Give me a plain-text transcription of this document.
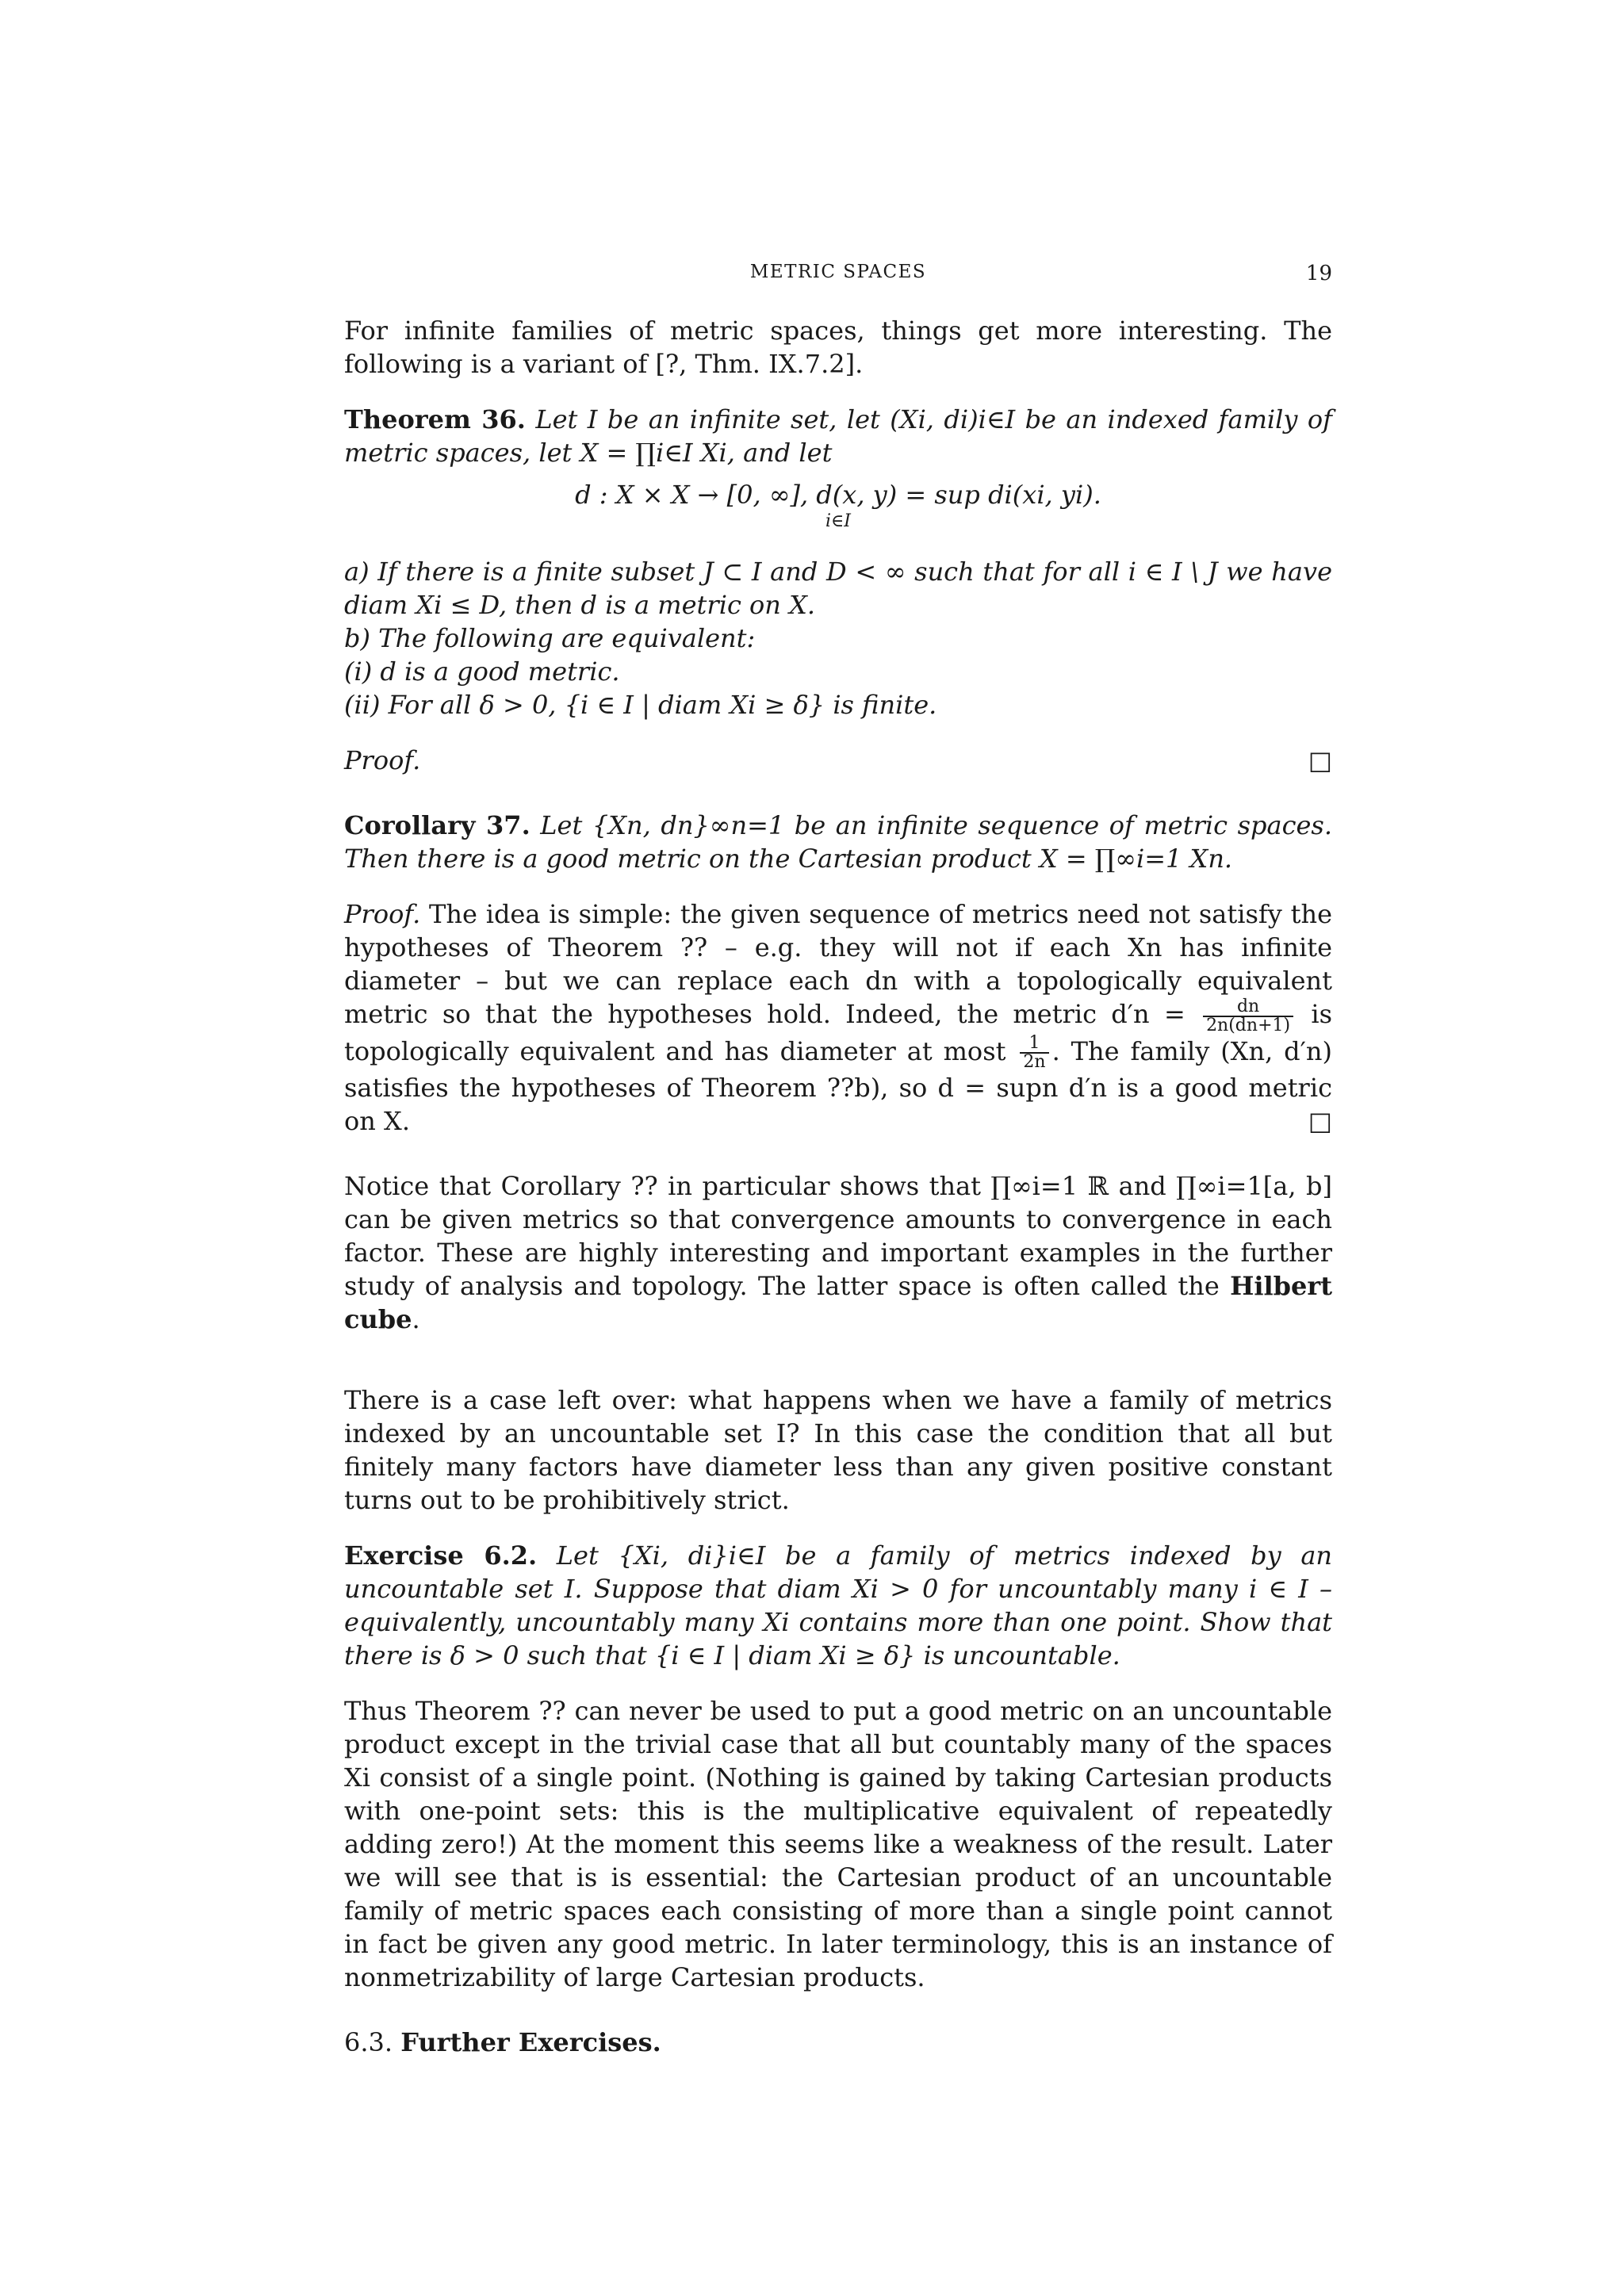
METRIC SPACES	19

For infinite families of metric spaces, things get more interesting. The following is a variant of [?, Thm. IX.7.2].

Theorem 36. Let I be an infinite set, let (Xi, di)i∈I be an indexed family of metric spaces, let X = ∏i∈I Xi, and let
d : X × X → [0, ∞], d(x, y) = sup di(xi, yi).
i∈I
a) If there is a finite subset J ⊂ I and D < ∞ such that for all i ∈ I \ J we have diam Xi ≤ D, then d is a metric on X.
b) The following are equivalent:
(i) d is a good metric.
(ii) For all δ > 0, {i ∈ I | diam Xi ≥ δ} is finite.
Proof.	□
Corollary 37. Let {Xn, dn}∞n=1 be an infinite sequence of metric spaces. Then there is a good metric on the Cartesian product X = ∏∞i=1 Xn.
Proof. The idea is simple: the given sequence of metrics need not satisfy the hypotheses of Theorem ?? – e.g. they will not if each Xn has infinite diameter – but we can replace each dn with a topologically equivalent metric so that the hypotheses hold. Indeed, the metric $d'n = \frac{dn}{2n(dn+1)}$ is topologically equivalent and has diameter at most $\frac{1}{2n}$ . The family (Xn, d′n) satisfies the hypotheses of Theorem ??b), so d = supn d′n is a good metric on X.	□
Notice that Corollary ?? in particular shows that ∏∞i=1 ℝ and ∏∞i=1[a, b] can be given metrics so that convergence amounts to convergence in each factor. These are highly interesting and important examples in the further study of analysis and topology. The latter space is often called the Hilbert cube.

There is a case left over: what happens when we have a family of metrics indexed by an uncountable set I? In this case the condition that all but finitely many factors have diameter less than any given positive constant turns out to be prohibitively strict.

Exercise 6.2. Let {Xi, di}i∈I be a family of metrics indexed by an uncountable set I. Suppose that diam Xi > 0 for uncountably many i ∈ I – equivalently, uncountably many Xi contains more than one point. Show that there is δ > 0 such that {i ∈ I | diam Xi ≥ δ} is uncountable.

Thus Theorem ?? can never be used to put a good metric on an uncountable product except in the trivial case that all but countably many of the spaces Xi consist of a single point. (Nothing is gained by taking Cartesian products with one-point sets: this is the multiplicative equivalent of repeatedly adding zero!) At the moment this seems like a weakness of the result. Later we will see that is is essential: the Cartesian product of an uncountable family of metric spaces each consisting of more than a single point cannot in fact be given any good metric. In later terminology, this is an instance of nonmetrizability of large Cartesian products.

6.3. Further Exercises.
